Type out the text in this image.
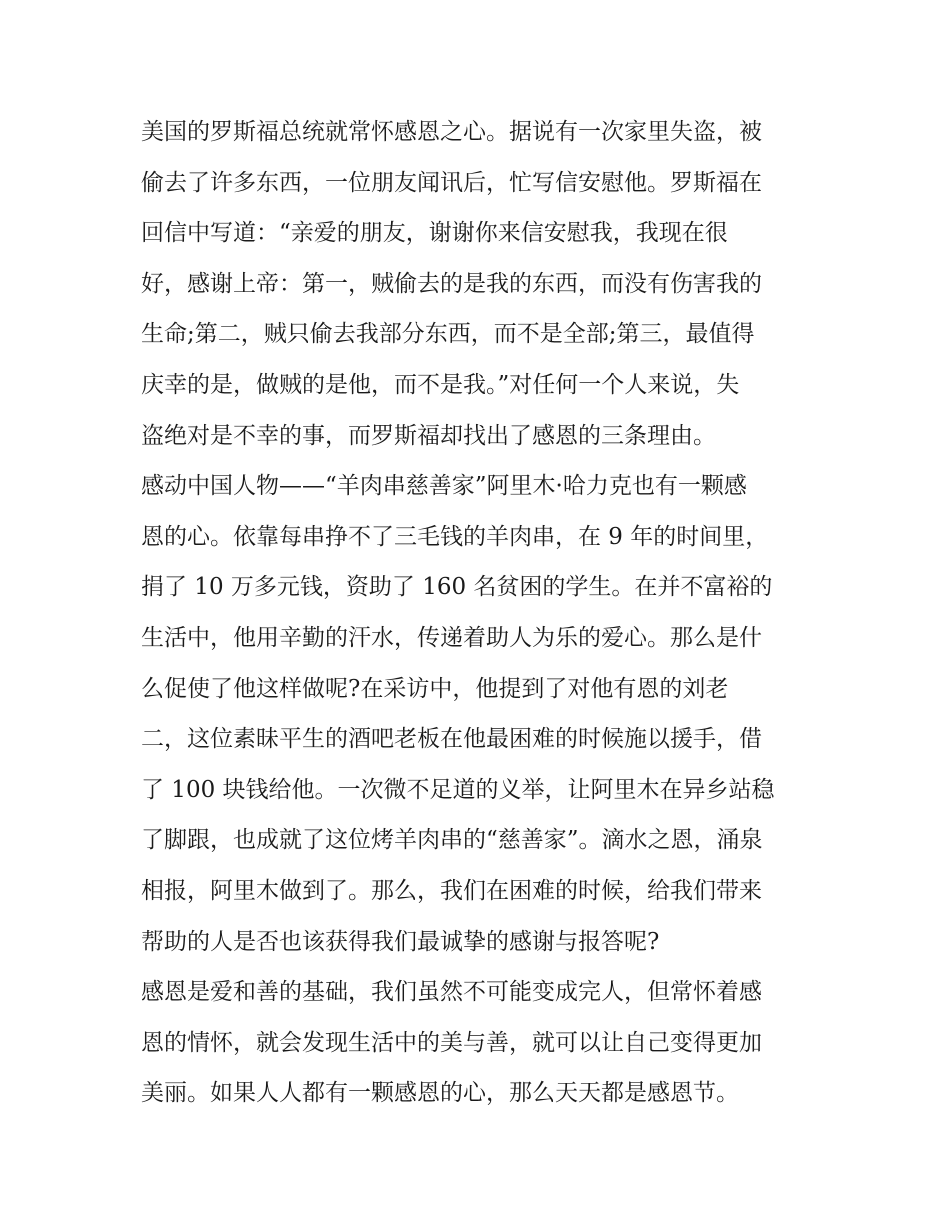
美国的罗斯福总统就常怀感恩之心。据说有一次家里失盗，被
偷去了许多东西，一位朋友闻讯后，忙写信安慰他。罗斯福在
回信中写道：“亲爱的朋友，谢谢你来信安慰我，我现在很
好，感谢上帝：第一，贼偷去的是我的东西，而没有伤害我的
生命;第二，贼只偷去我部分东西，而不是全部;第三，最值得
庆幸的是，做贼的是他，而不是我。”对任何一个人来说，失
盗绝对是不幸的事，而罗斯福却找出了感恩的三条理由。
感动中国人物——“羊肉串慈善家”阿里木·哈力克也有一颗感
恩的心。依靠每串挣不了三毛钱的羊肉串，在 9 年的时间里，
捐了 10 万多元钱，资助了 160 名贫困的学生。在并不富裕的
生活中，他用辛勤的汗水，传递着助人为乐的爱心。那么是什
么促使了他这样做呢?在采访中，他提到了对他有恩的刘老
二，这位素昧平生的酒吧老板在他最困难的时候施以援手，借
了 100 块钱给他。一次微不足道的义举，让阿里木在异乡站稳
了脚跟，也成就了这位烤羊肉串的“慈善家”。滴水之恩，涌泉
相报，阿里木做到了。那么，我们在困难的时候，给我们带来
帮助的人是否也该获得我们最诚挚的感谢与报答呢?
感恩是爱和善的基础，我们虽然不可能变成完人，但常怀着感
恩的情怀，就会发现生活中的美与善，就可以让自己变得更加
美丽。如果人人都有一颗感恩的心，那么天天都是感恩节。
